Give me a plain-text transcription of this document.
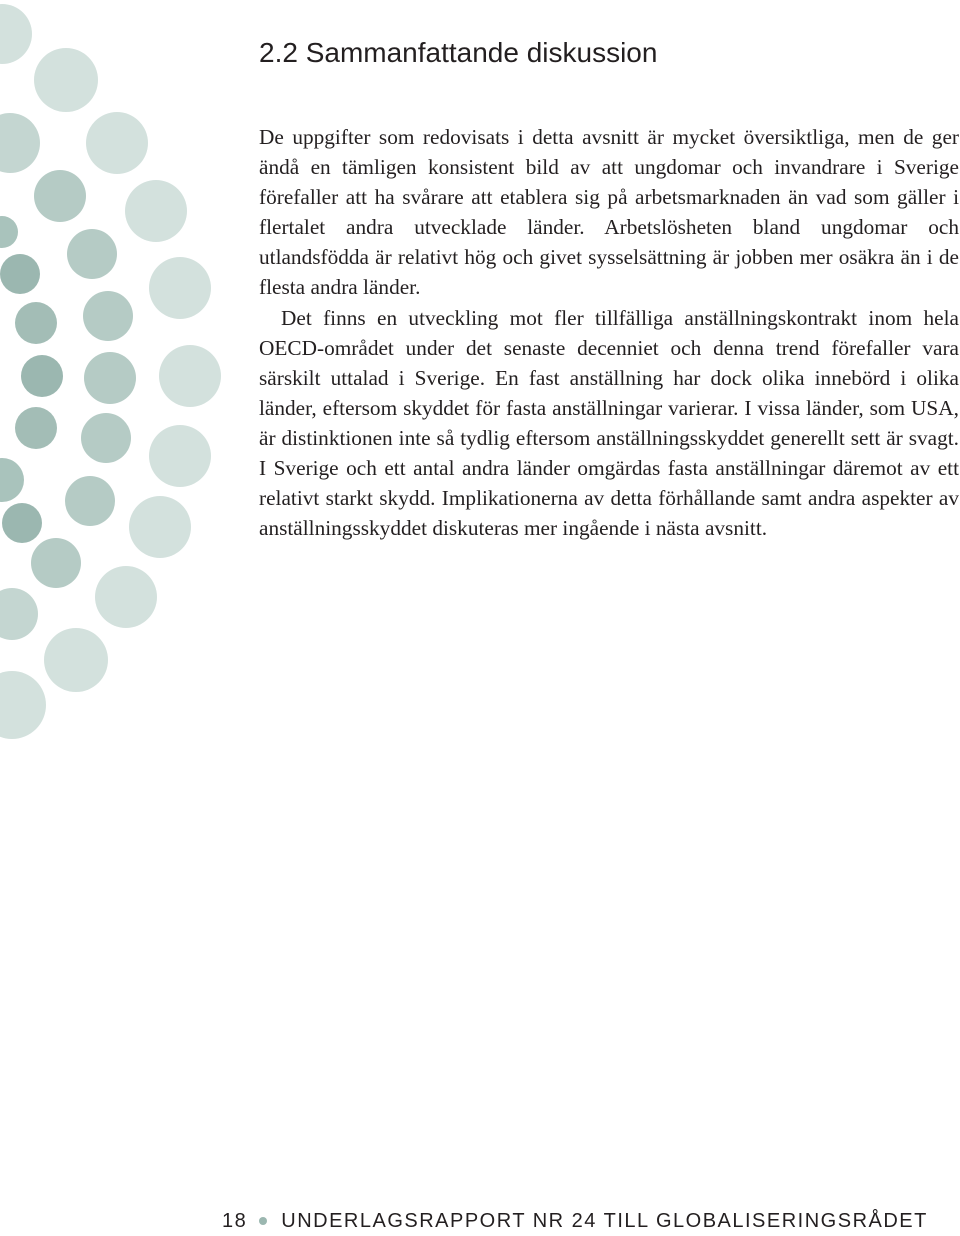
2.2 Sammanfattande diskussion

De uppgifter som redovisats i detta avsnitt är mycket översiktliga, men de ger ändå en tämligen konsistent bild av att ungdomar och invandrare i Sverige förefaller att ha svårare att etablera sig på arbetsmarknaden än vad som gäller i flertalet andra utvecklade länder. Arbetslösheten bland ungdomar och utlandsfödda är relativt hög och givet sysselsättning är jobben mer osäkra än i de flesta andra länder.

Det finns en utveckling mot fler tillfälliga anställningskontrakt inom hela OECD-området under det senaste decenniet och denna trend förefaller vara särskilt uttalad i Sverige. En fast anställning har dock olika innebörd i olika länder, eftersom skyddet för fasta anställningar varierar. I vissa länder, som USA, är distinktionen inte så tydlig eftersom anställningsskyddet generellt sett är svagt. I Sverige och ett antal andra länder omgärdas fasta anställningar däremot av ett relativt starkt skydd. Implikationerna av detta förhållande samt andra aspekter av anställningsskyddet diskuteras mer ingående i nästa avsnitt.

18 UNDERLAGSRAPPORT NR 24 TILL GLOBALISERINGSRÅDET
